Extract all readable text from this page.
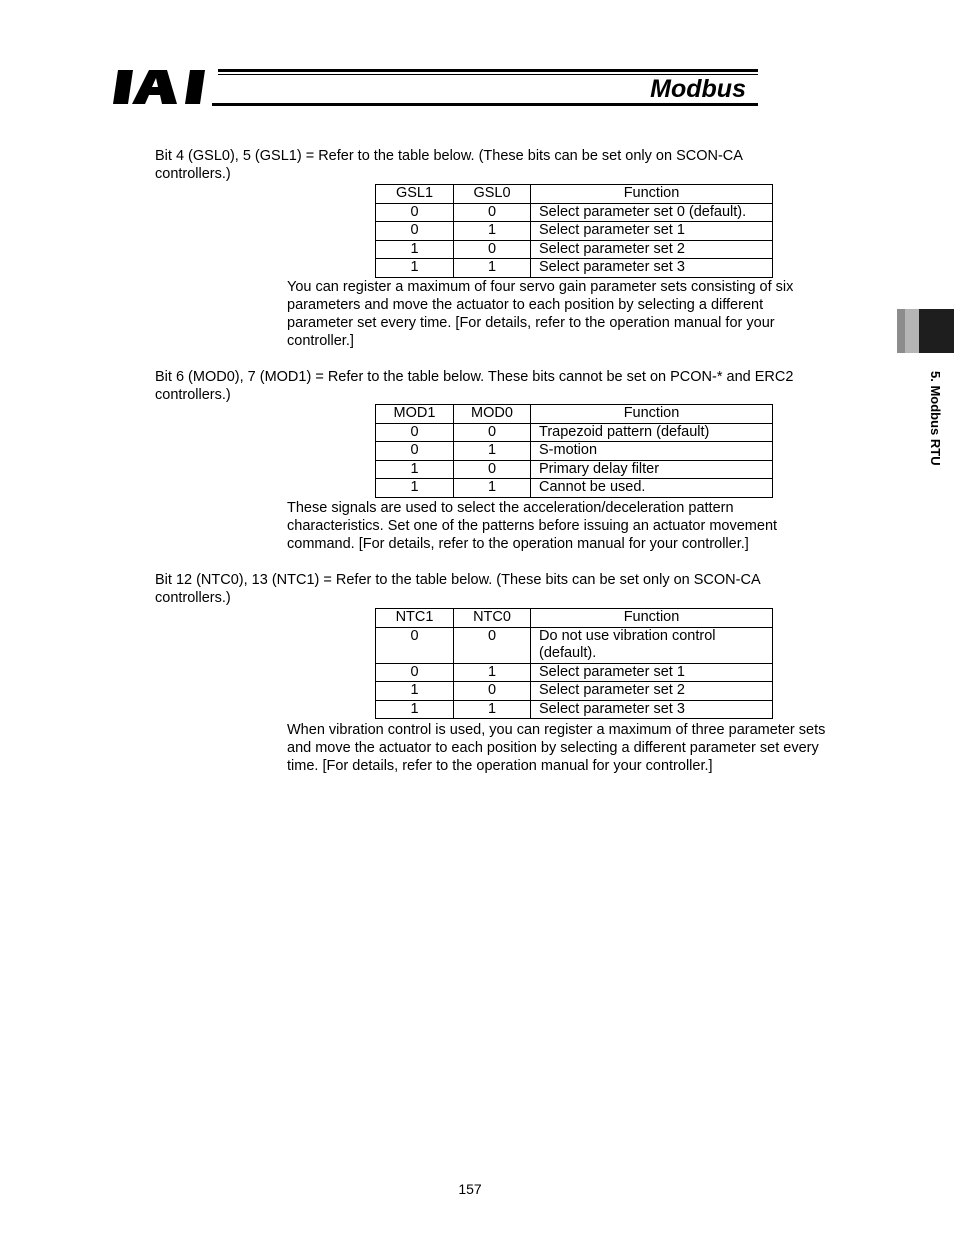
Modbus
5. Modbus RTU

Bit 4 (GSL0), 5 (GSL1) = Refer to the table below. (These bits can be set only on SCON-CA controllers.)

GSL1	GSL0	Function
0	0	Select parameter set 0 (default).
0	1	Select parameter set 1
1	0	Select parameter set 2
1	1	Select parameter set 3

You can register a maximum of four servo gain parameter sets consisting of six parameters and move the actuator to each position by selecting a different parameter set every time. [For details, refer to the operation manual for your controller.]

Bit 6 (MOD0), 7 (MOD1) = Refer to the table below. These bits cannot be set on PCON-* and ERC2 controllers.)

MOD1	MOD0	Function
0	0	Trapezoid pattern (default)
0	1	S-motion
1	0	Primary delay filter
1	1	Cannot be used.

These signals are used to select the acceleration/deceleration pattern characteristics. Set one of the patterns before issuing an actuator movement command. [For details, refer to the operation manual for your controller.]

Bit 12 (NTC0), 13 (NTC1) = Refer to the table below. (These bits can be set only on SCON-CA controllers.)

NTC1	NTC0	Function
0	0	Do not use vibration control (default).
0	1	Select parameter set 1
1	0	Select parameter set 2
1	1	Select parameter set 3

When vibration control is used, you can register a maximum of three parameter sets and move the actuator to each position by selecting a different parameter set every time. [For details, refer to the operation manual for your controller.]

157
